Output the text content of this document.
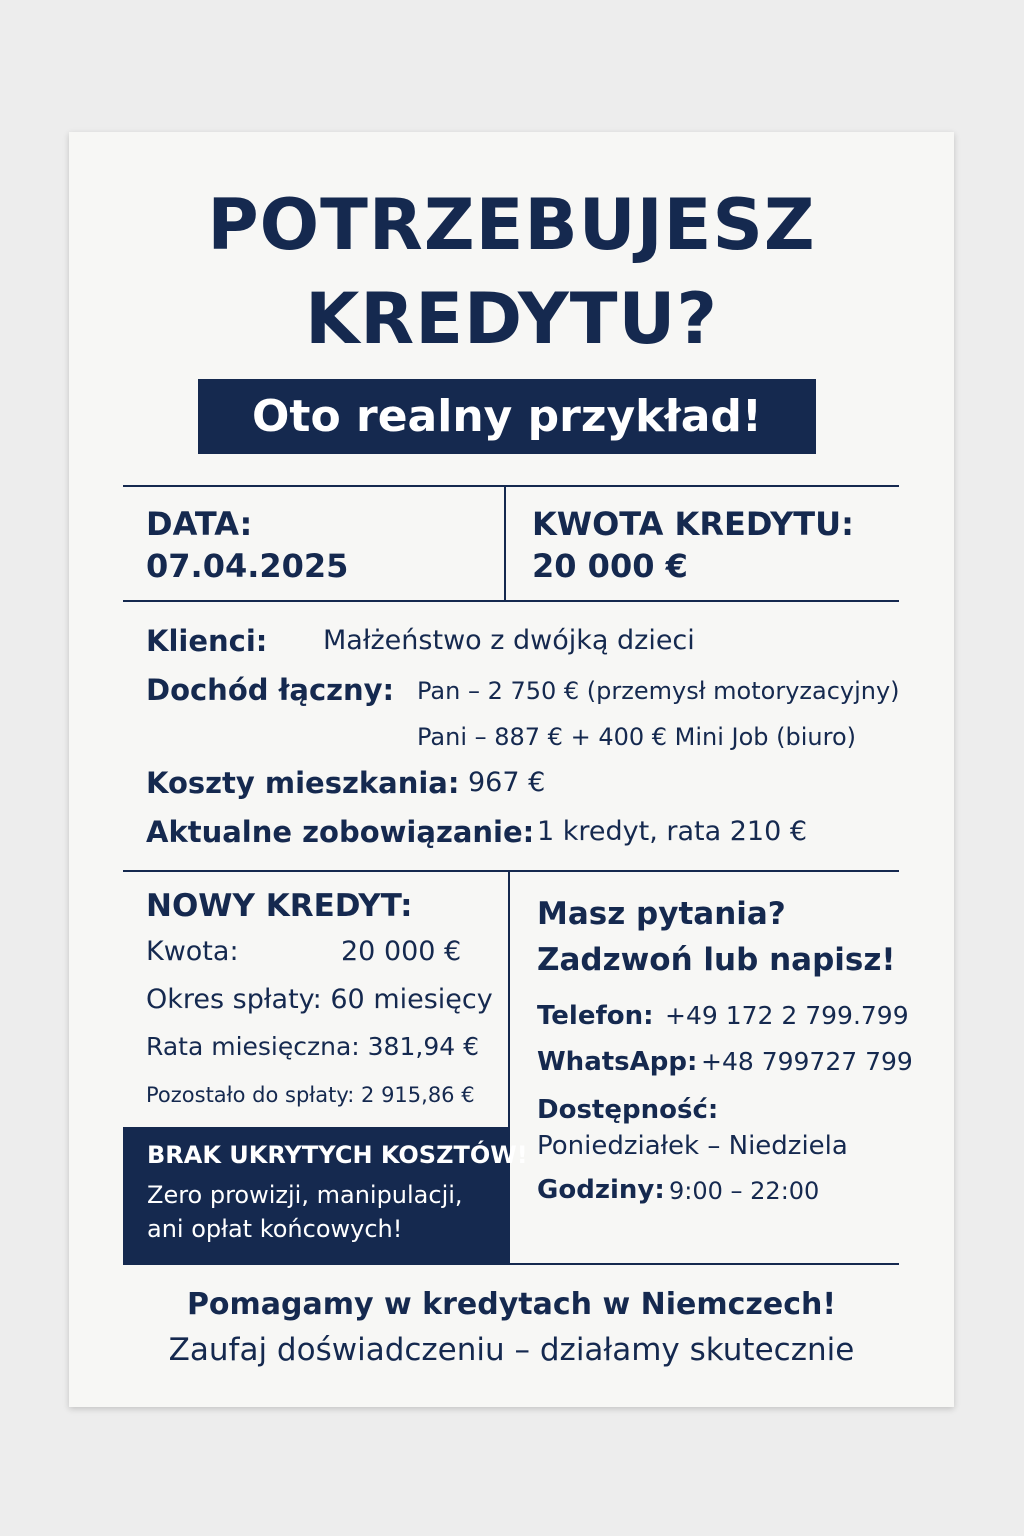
POTRZEBUJESZ
KREDYTU?
Oto realny przykład!
DATA:
07.04.2025
KWOTA KREDYTU:
20 000 €
Klienci: Małżeństwo z dwójką dzieci
Dochód łączny: Pan – 2 750 € (przemysł motoryzacyjny)
Pani – 887 € + 400 € Mini Job (biuro)
Koszty mieszkania: 967 €
Aktualne zobowiązanie: 1 kredyt, rata 210 €
NOWY KREDYT:
Kwota:	20 000 €
Okres spłaty: 60 miesięcy
Rata miesięczna: 381,94 €
Pozostało do spłaty: 2 915,86 €
BRAK UKRYTYCH KOSZTÓW!
Zero prowizji, manipulacji,
ani opłat końcowych!
Masz pytania?
Zadzwoń lub napisz!
Telefon: +49 172 2 799.799
WhatsApp: +48 799727 799
Dostępność:
Poniedziałek – Niedziela
Godziny: 9:00 – 22:00
Pomagamy w kredytach w Niemczech!
Zaufaj doświadczeniu – działamy skutecznie
